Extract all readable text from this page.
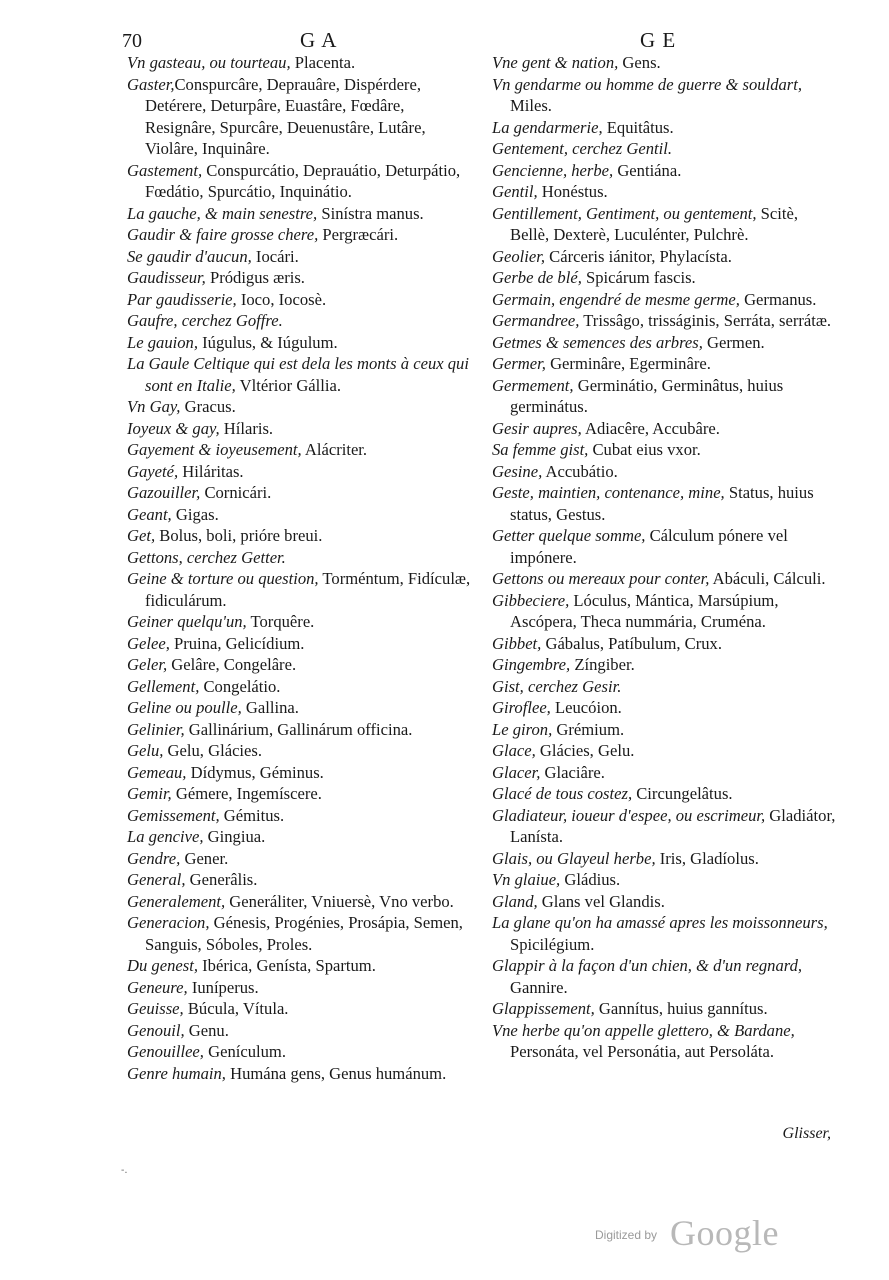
70	G A	G E

Vn gasteau, ou tourteau, Placenta.

Gaster,Conspurcâre, Deprauâre, Dispérdere, Detérere, Deturpâre, Euastâre, Fœdâre, Resignâre, Spurcâre, Deuenustâre, Lutâre, Violâre, Inquinâre.

Gastement, Conspurcátio, Deprauátio, Deturpátio, Fœdátio, Spurcátio, Inquinátio.

La gauche, & main senestre, Sinístra manus.

Gaudir & faire grosse chere, Pergræcári.

Se gaudir d'aucun, Iocári.

Gaudisseur, Pródigus æris.

Par gaudisserie, Ioco, Iocosè.

Gaufre, cerchez Goffre.

Le gauion, Iúgulus, & Iúgulum.

La Gaule Celtique qui est dela les monts à ceux qui sont en Italie, Vltérior Gállia.

Vn Gay, Gracus.

Ioyeux & gay, Hílaris.

Gayement & ioyeusement, Alácriter.

Gayeté, Hiláritas.

Gazouiller, Cornicári.

Geant, Gigas.

Get, Bolus, boli, prióre breui.

Gettons, cerchez Getter.

Geine & torture ou question, Torméntum, Fidículæ, fidiculárum.

Geiner quelqu'un, Torquêre.

Gelee, Pruina, Gelicídium.

Geler, Gelâre, Congelâre.

Gellement, Congelátio.

Geline ou poulle, Gallina.

Gelinier, Gallinárium, Gallinárum officina.

Gelu, Gelu, Glácies.

Gemeau, Dídymus, Géminus.

Gemir, Gémere, Ingemíscere.

Gemissement, Gémitus.

La gencive, Gingiua.

Gendre, Gener.

General, Generâlis.

Generalement, Generáliter, Vniuersè, Vno verbo.

Generacion, Génesis, Progénies, Prosápia, Semen, Sanguis, Sóboles, Proles.

Du genest, Ibérica, Genísta, Spartum.

Geneure, Iuníperus.

Geuisse, Búcula, Vítula.

Genouil, Genu.

Genouillee, Genículum.

Genre humain, Humána gens, Genus humánum.

Vne gent & nation, Gens.

Vn gendarme ou homme de guerre & souldart, Miles.

La gendarmerie, Equitâtus.

Gentement, cerchez Gentil.

Gencienne, herbe, Gentiána.

Gentil, Honéstus.

Gentillement, Gentiment, ou gentement, Scitè, Bellè, Dexterè, Luculénter, Pulchrè.

Geolier, Cárceris iánitor, Phylacísta.

Gerbe de blé, Spicárum fascis.

Germain, engendré de mesme germe, Germanus.

Germandree, Trissâgo, trisságinis, Serráta, serrátæ.

Getmes & semences des arbres, Germen.

Germer, Germinâre, Egerminâre.

Germement, Germinátio, Germinâtus, huius germinátus.

Gesir aupres, Adiacêre, Accubâre.

Sa femme gist, Cubat eius vxor.

Gesine, Accubátio.

Geste, maintien, contenance, mine, Status, huius status, Gestus.

Getter quelque somme, Cálculum pónere vel impónere.

Gettons ou mereaux pour conter, Abáculi, Cálculi.

Gibbeciere, Lóculus, Mántica, Marsúpium, Ascópera, Theca nummária, Cruména.

Gibbet, Gábalus, Patíbulum, Crux.

Gingembre, Zíngiber.

Gist, cerchez Gesir.

Giroflee, Leucóion.

Le giron, Grémium.

Glace, Glácies, Gelu.

Glacer, Glaciâre.

Glacé de tous costez, Circungelâtus.

Gladiateur, ioueur d'espee, ou escrimeur, Gladiátor, Lanísta.

Glais, ou Glayeul herbe, Iris, Gladíolus.

Vn glaiue, Gládius.

Gland, Glans vel Glandis.

La glane qu'on ha amassé apres les moissonneurs, Spicilégium.

Glappir à la façon d'un chien, & d'un regnard, Gannire.

Glappissement, Gannítus, huius gannítus.

Vne herbe qu'on appelle glettero, & Bardane, Personáta, vel Personátia, aut Persoláta.

Glisser,
-.
Digitized by Google
